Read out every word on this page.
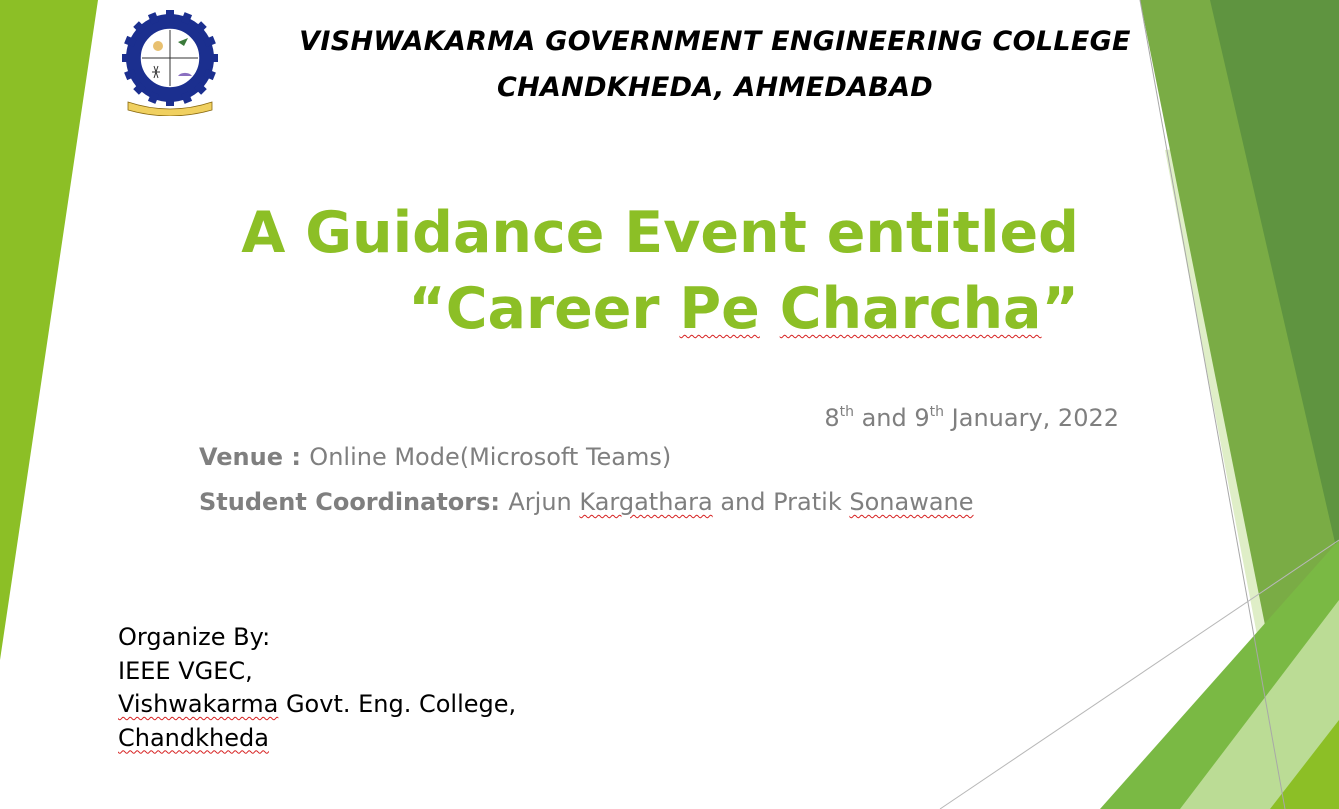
VISHWAKARMA GOVERNMENT ENGINEERING COLLEGE
CHANDKHEDA, AHMEDABAD
A Guidance Event entitled
“Career Pe Charcha”
8th and 9th January, 2022
Venue : Online Mode(Microsoft Teams)
Student Coordinators: Arjun Kargathara and Pratik Sonawane
Organize By:
IEEE VGEC,
Vishwakarma Govt. Eng. College,
Chandkheda
